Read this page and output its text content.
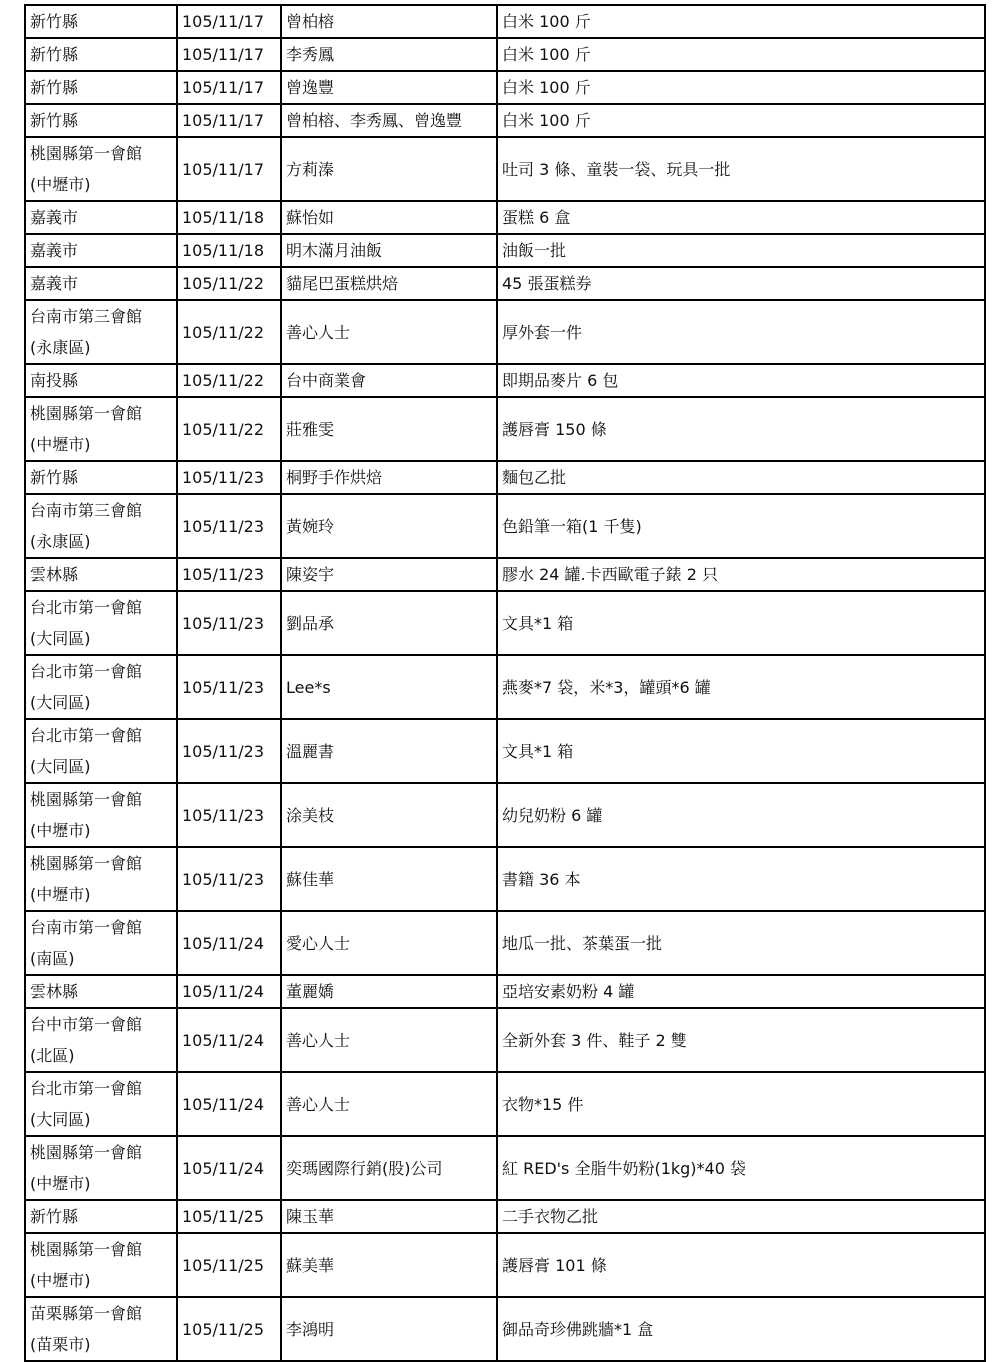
新竹縣	105/11/17	曾柏榕	白米 100 斤

新竹縣	105/11/17	李秀鳳	白米 100 斤

新竹縣	105/11/17	曾逸豐	白米 100 斤

新竹縣	105/11/17	曾柏榕、李秀鳳、曾逸豐	白米 100 斤

桃園縣第一會館
(中壢市)	105/11/17	方莉溱	吐司 3 條、童裝一袋、玩具一批

嘉義市	105/11/18	蘇怡如	蛋糕 6 盒

嘉義市	105/11/18	明木滿月油飯	油飯一批

嘉義市	105/11/22	貓尾巴蛋糕烘焙	45 張蛋糕券

台南市第三會館
(永康區)	105/11/22	善心人士	厚外套一件

南投縣	105/11/22	台中商業會	即期品麥片 6 包

桃園縣第一會館
(中壢市)	105/11/22	莊雅雯	護唇膏 150 條

新竹縣	105/11/23	桐野手作烘焙	麵包乙批

台南市第三會館
(永康區)	105/11/23	黃婉玲	色鉛筆一箱(1 千隻)

雲林縣	105/11/23	陳姿宇	膠水 24 罐.卡西歐電子錶 2 只

台北市第一會館
(大同區)	105/11/23	劉品承	文具*1 箱

台北市第一會館
(大同區)	105/11/23	Lee*s	燕麥*7 袋，米*3，罐頭*6 罐

台北市第一會館
(大同區)	105/11/23	溫麗書	文具*1 箱

桃園縣第一會館
(中壢市)	105/11/23	涂美枝	幼兒奶粉 6 罐

桃園縣第一會館
(中壢市)	105/11/23	蘇佳華	書籍 36 本

台南市第一會館
(南區)	105/11/24	愛心人士	地瓜一批、茶葉蛋一批

雲林縣	105/11/24	董麗嬌	亞培安素奶粉 4 罐

台中市第一會館
(北區)	105/11/24	善心人士	全新外套 3 件、鞋子 2 雙

台北市第一會館
(大同區)	105/11/24	善心人士	衣物*15 件

桃園縣第一會館
(中壢市)	105/11/24	奕瑪國際行銷(股)公司	紅 RED's 全脂牛奶粉(1kg)*40 袋

新竹縣	105/11/25	陳玉華	二手衣物乙批

桃園縣第一會館
(中壢市)	105/11/25	蘇美華	護唇膏 101 條

苗栗縣第一會館
(苗栗市)	105/11/25	李鴻明	御品奇珍佛跳牆*1 盒
